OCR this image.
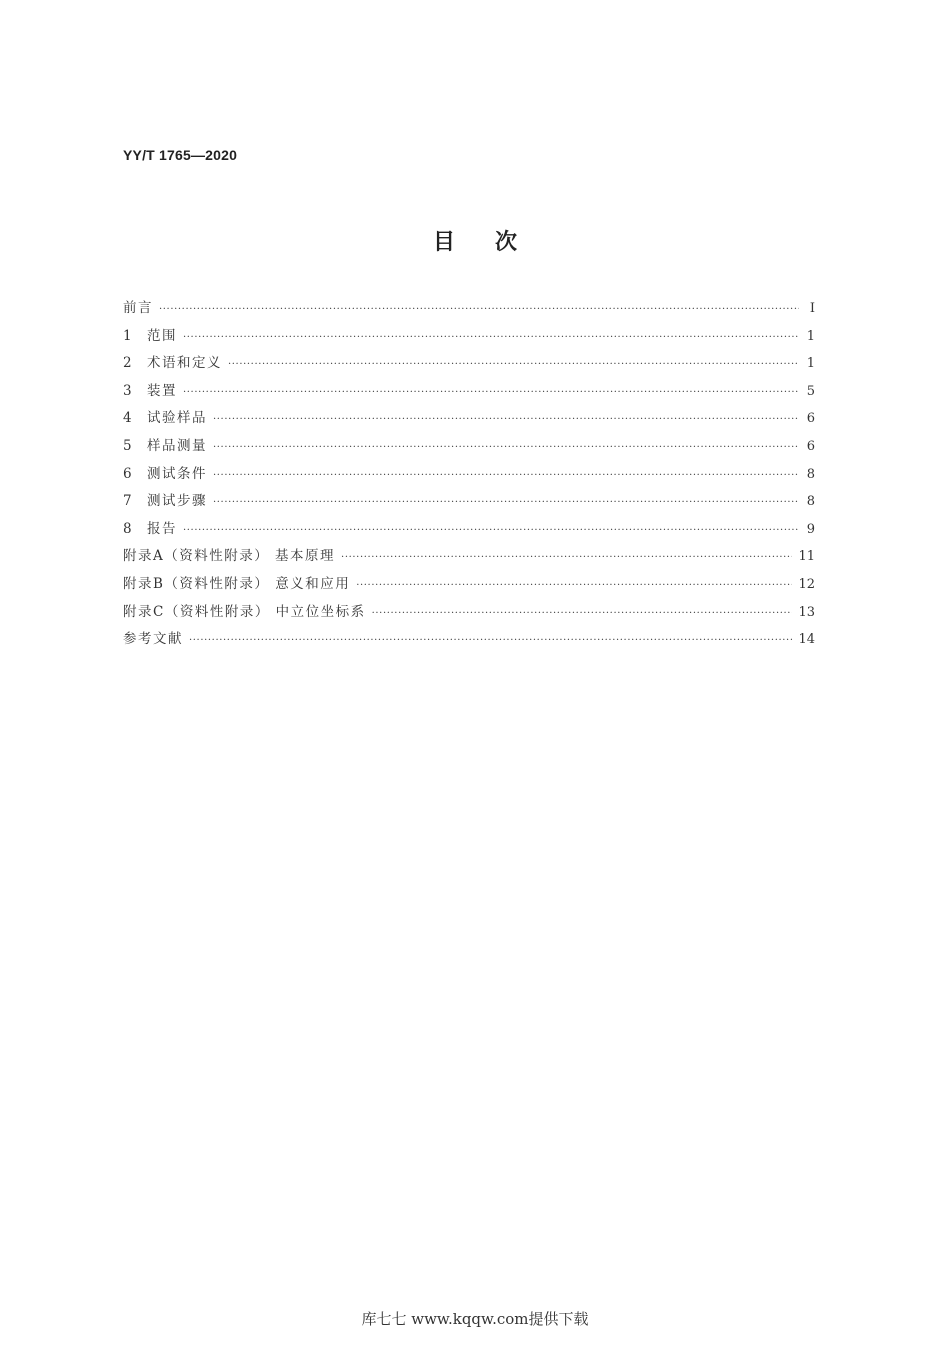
YY/T 1765—2020
目次
前言 ·····	Ⅰ
1	范围 ·····	1
2	术语和定义 ·····	1
3	装置 ·····	5
4	试验样品 ·····	6
5	样品测量 ·····	6
6	测试条件 ·····	8
7	测试步骤 ·····	8
8	报告 ·····	9
附录A（资料性附录） 基本原理 ·····	11
附录B（资料性附录） 意义和应用 ·····	12
附录C（资料性附录） 中立位坐标系 ·····	13
参考文献 ·····	14
库七七 www.kqqw.com提供下载
